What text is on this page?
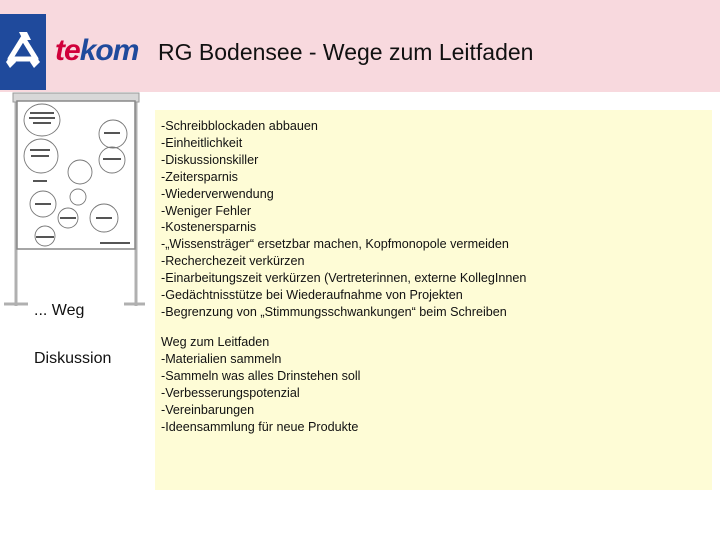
tekom RG Bodensee - Wege zum Leitfaden
... Weg
Diskussion
-Schreibblockaden abbauen
-Einheitlichkeit
-Diskussionskiller
-Zeitersparnis
-Wiederverwendung
-Weniger Fehler
-Kostenersparnis
-„Wissensträger“ ersetzbar machen, Kopfmonopole vermeiden
-Recherchezeit verkürzen
-Einarbeitungszeit verkürzen (Vertreterinnen, externe KollegInnen
-Gedächtnisstütze bei Wiederaufnahme von Projekten
-Begrenzung von „Stimmungsschwankungen“ beim Schreiben
Weg zum Leitfaden
-Materialien sammeln
-Sammeln was alles Drinstehen soll
-Verbesserungspotenzial
-Vereinbarungen
-Ideensammlung für neue Produkte
